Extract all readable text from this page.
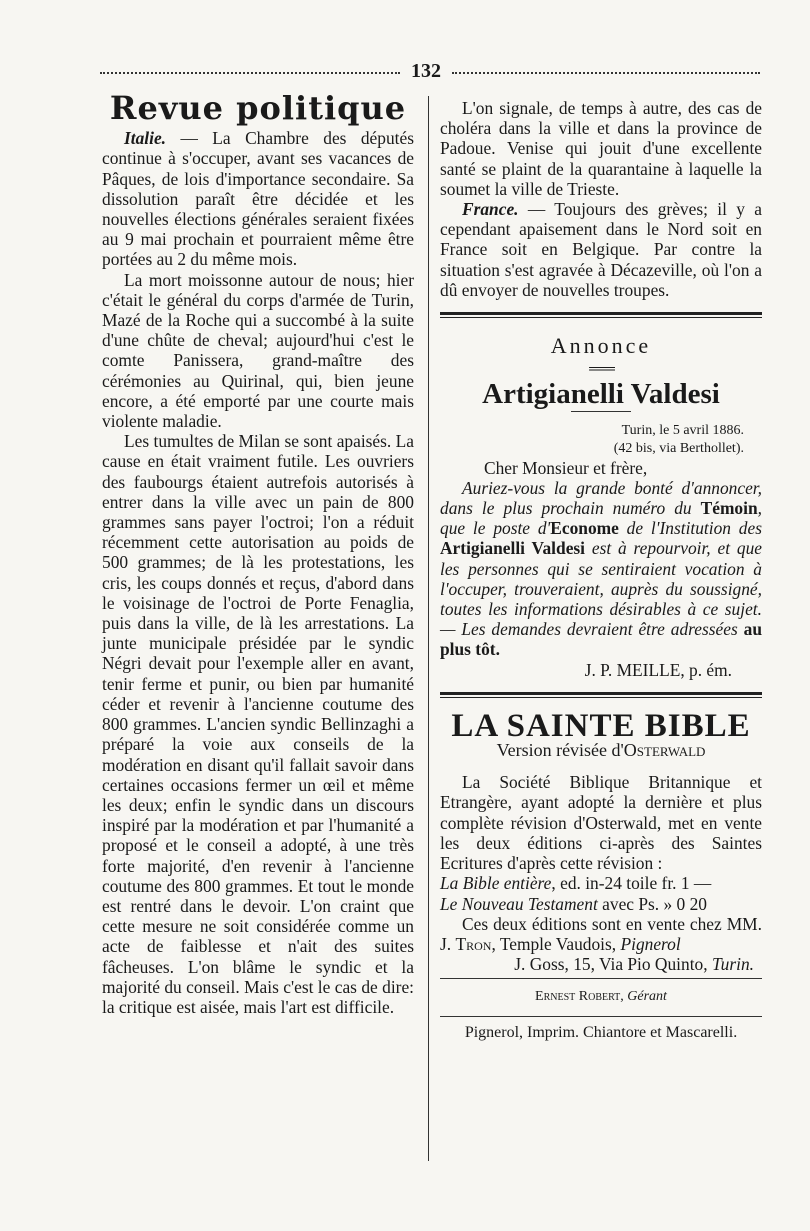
132
Revue politique

Italie. — La Chambre des députés continue à s'occuper, avant ses vacances de Pâques, de lois d'importance secondaire. Sa dissolution paraît être décidée et les nouvelles élections générales seraient fixées au 9 mai prochain et pourraient même être portées au 2 du même mois.

La mort moissonne autour de nous; hier c'était le général du corps d'armée de Turin, Mazé de la Roche qui a succombé à la suite d'une chûte de cheval; aujourd'hui c'est le comte Panissera, grand-maître des cérémonies au Quirinal, qui, bien jeune encore, a été emporté par une courte mais violente maladie.

Les tumultes de Milan se sont apaisés. La cause en était vraiment futile. Les ouvriers des faubourgs étaient autrefois autorisés à entrer dans la ville avec un pain de 800 grammes sans payer l'octroi; l'on a réduit récemment cette autorisation au poids de 500 grammes; de là les protestations, les cris, les coups donnés et reçus, d'abord dans le voisinage de l'octroi de Porte Fenaglia, puis dans la ville, de là les arrestations. La junte municipale présidée par le syndic Négri devait pour l'exemple aller en avant, tenir ferme et punir, ou bien par humanité céder et revenir à l'ancienne coutume des 800 grammes. L'ancien syndic Bellinzaghi a préparé la voie aux conseils de la modération en disant qu'il fallait savoir dans certaines occasions fermer un œil et même les deux; enfin le syndic dans un discours inspiré par la modération et par l'humanité a proposé et le conseil a adopté, à une très forte majorité, d'en revenir à l'ancienne coutume des 800 grammes. Et tout le monde est rentré dans le devoir. L'on craint que cette mesure ne soit considérée comme un acte de faiblesse et n'ait des suites fâcheuses. L'on blâme le syndic et la majorité du conseil. Mais c'est le cas de dire: la critique est aisée, mais l'art est difficile.

L'on signale, de temps à autre, des cas de choléra dans la ville et dans la province de Padoue. Venise qui jouit d'une excellente santé se plaint de la quarantaine à laquelle la soumet la ville de Trieste.

France. — Toujours des grèves; il y a cependant apaisement dans le Nord soit en France soit en Belgique. Par contre la situation s'est agravée à Décazeville, où l'on a dû envoyer de nouvelles troupes.

Annonce
═══
Artigianelli Valdesi
Turin, le 5 avril 1886.
(42 bis, via Berthollet).

Cher Monsieur et frère,

Auriez-vous la grande bonté d'annoncer, dans le plus prochain numéro du Témoin, que le poste d'Econome de l'Institution des Artigianelli Valdesi est à repourvoir, et que les personnes qui se sentiraient vocation à l'occuper, trouveraient, auprès du soussigné, toutes les informations désirables à ce sujet. — Les demandes devraient être adressées au plus tôt.

J. P. MEILLE, p. ém.

LA SAINTE BIBLE
Version révisée d'Osterwald

La Société Biblique Britannique et Etrangère, ayant adopté la dernière et plus complète révision d'Osterwald, met en vente les deux éditions ci-après des Saintes Ecritures d'après cette révision :

La Bible entière, ed. in-24 toile fr. 1 —
Le Nouveau Testament avec Ps. » 0 20

Ces deux éditions sont en vente chez MM. J. Tron, Temple Vaudois, Pignerol

J. Goss, 15, Via Pio Quinto, Turin.

Ernest Robert, Gérant
Pignerol, Imprim. Chiantore et Mascarelli.
